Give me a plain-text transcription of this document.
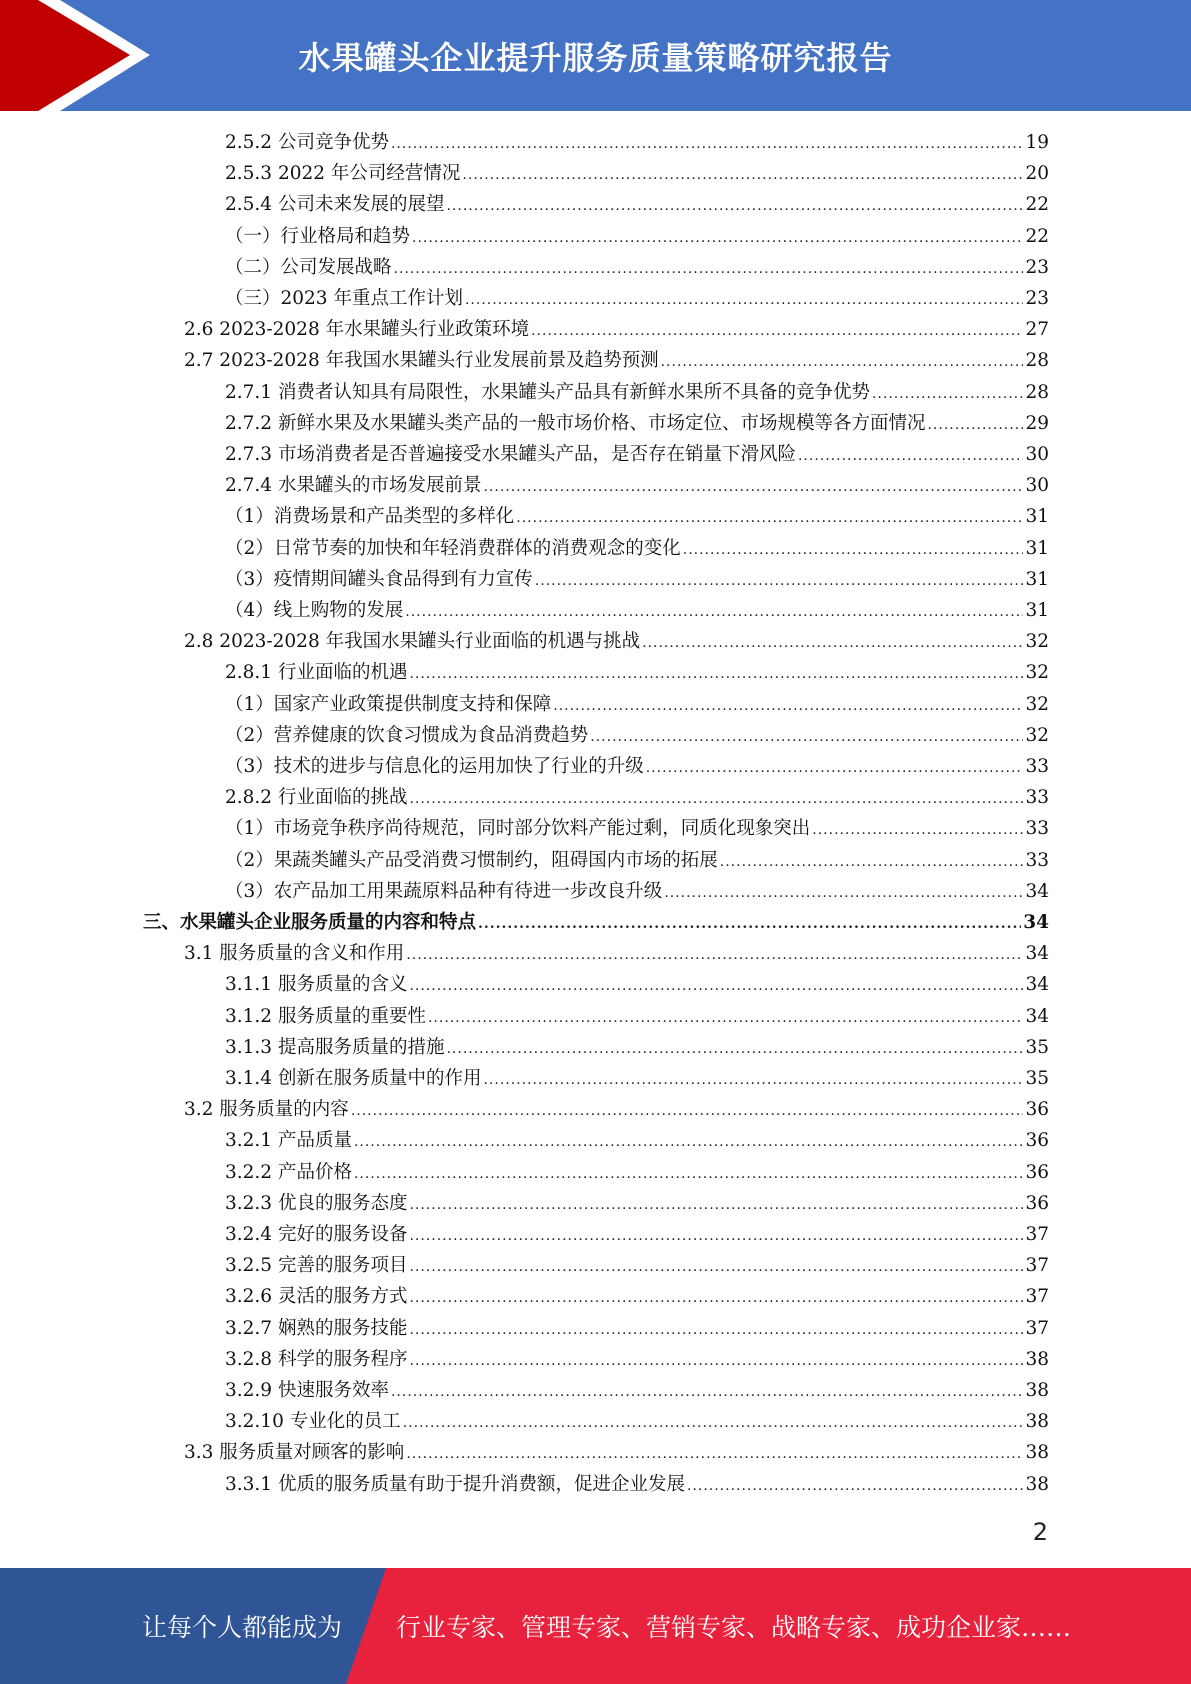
水果罐头企业提升服务质量策略研究报告
2.5.2 公司竞争优势 .....	19
2.5.3 2022 年公司经营情况 .....	20
2.5.4 公司未来发展的展望 .....	22
（一）行业格局和趋势 .....	22
（二）公司发展战略 .....	23
（三）2023 年重点工作计划 .....	23
2.6 2023-2028 年水果罐头行业政策环境 .....	27
2.7 2023-2028 年我国水果罐头行业发展前景及趋势预测 .....	28
2.7.1 消费者认知具有局限性，水果罐头产品具有新鲜水果所不具备的竞争优势 .....	28
2.7.2 新鲜水果及水果罐头类产品的一般市场价格、市场定位、市场规模等各方面情况 .....	29
2.7.3 市场消费者是否普遍接受水果罐头产品，是否存在销量下滑风险 .....	30
2.7.4 水果罐头的市场发展前景 .....	30
（1）消费场景和产品类型的多样化 .....	31
（2）日常节奏的加快和年轻消费群体的消费观念的变化 .....	31
（3）疫情期间罐头食品得到有力宣传 .....	31
（4）线上购物的发展 .....	31
2.8 2023-2028 年我国水果罐头行业面临的机遇与挑战 .....	32
2.8.1 行业面临的机遇 .....	32
（1）国家产业政策提供制度支持和保障 .....	32
（2）营养健康的饮食习惯成为食品消费趋势 .....	32
（3）技术的进步与信息化的运用加快了行业的升级 .....	33
2.8.2 行业面临的挑战 .....	33
（1）市场竞争秩序尚待规范，同时部分饮料产能过剩，同质化现象突出 .....	33
（2）果蔬类罐头产品受消费习惯制约，阻碍国内市场的拓展 .....	33
（3）农产品加工用果蔬原料品种有待进一步改良升级 .....	34
三、水果罐头企业服务质量的内容和特点 .....	34
3.1 服务质量的含义和作用 .....	34
3.1.1 服务质量的含义 .....	34
3.1.2 服务质量的重要性 .....	34
3.1.3 提高服务质量的措施 .....	35
3.1.4 创新在服务质量中的作用 .....	35
3.2 服务质量的内容 .....	36
3.2.1 产品质量 .....	36
3.2.2 产品价格 .....	36
3.2.3 优良的服务态度 .....	36
3.2.4 完好的服务设备 .....	37
3.2.5 完善的服务项目 .....	37
3.2.6 灵活的服务方式 .....	37
3.2.7 娴熟的服务技能 .....	37
3.2.8 科学的服务程序 .....	38
3.2.9 快速服务效率 .....	38
3.2.10 专业化的员工 .....	38
3.3 服务质量对顾客的影响 .....	38
3.3.1 优质的服务质量有助于提升消费额，促进企业发展 .....	38
2
让每个人都能成为 行业专家、管理专家、营销专家、战略专家、成功企业家……
